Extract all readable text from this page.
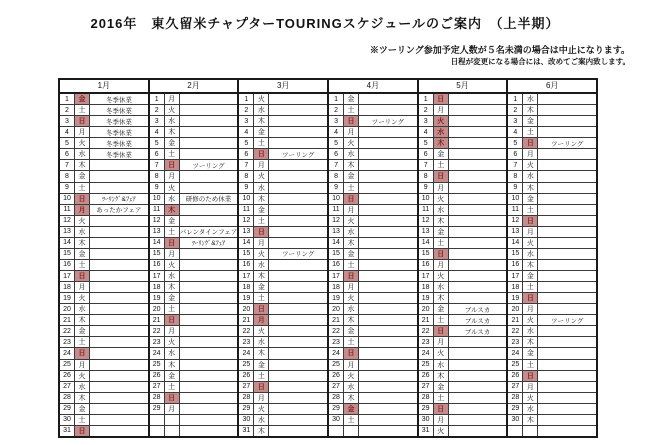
2016年　東久留米チャプターTOURINGスケジュールのご案内　（上半期）
※ツーリング参加予定人数が５名未満の場合は中止になります。
日程が変更になる場合には、改めてご案内致します。
1月
1	金	冬季休業
2	土	冬季休業
3	日	冬季休業
4	月	冬季休業
5	火	冬季休業
6	水	冬季休業
7	木
8	金
9	土
10	日	ﾂｰﾘﾝｸﾞ&ﾌｪｱ
11	月	あったかフェア
12	火
13	水
14	木
15	金
16	土
17	日
18	月
19	火
20	水
21	木
22	金
23	土
24	日
25	月
26	火
27	水
28	木
29	金
30	土
31	日
2月
1	月
2	火
3	水
4	木
5	金
6	土
7	日	ツーリング
8	月
9	火
10	水	研修のため休業
11	木
12	金
13	土 バレンタインフェア
14	日	ﾂｰﾘﾝｸﾞ&ﾌｪｱ
15	月
16	火
17	水
18	木
19	金
20	土
21	日
22	月
23	火
24	水
25	木
26	金
27	土
28	日
29	月
3月
1	火
2	水
3	木
4	金
5	土
6	日	ツーリング
7	月
8	火
9	水
10	木
11	金
12	土
13	日
14	月
15	火	ツーリング
16	水
17	木
18	金
19	土
20	日
21	月
22	火
23	水
24	木
25	金
26	土
27	日
28	月
29	火
30	水
31	木
4月
1	金
2	土
3	日	ツーリング
4	月
5	火
6	水
7	木
8	金
9	土
10	日
11	月
12	火
13	水
14	木
15	金
16	土
17	日
18	月
19	火
20	水
21	木
22	金
23	土
24	日
25	月
26	火
27	水
28	木
29	金
30	土
5月
1	日
2	月
3	火
4	水
5	木
6	金
7	土
8	日
9	月
10	火
11	水
12	木
13	金
14	土
15	日
16	月
17	火
18	水
19	木
20	金	ブルスカ
21	土	ブルスカ
22	日	ブルスカ
23	月
24	火
25	水
26	木
27	金
28	土
29	日
30	月
31	火
6月
1	水
2	木
3	金
4	土
5	日	ツーリング
6	月
7	火
8	水
9	木
10	金
11	土
12	日
13	月
14	火
15	水
16	木
17	金
18	土
19	日
20	月
21	火	ツーリング
22	水
23	木
24	金
25	土
26	日
27	月
28	火
29	水
30	木
